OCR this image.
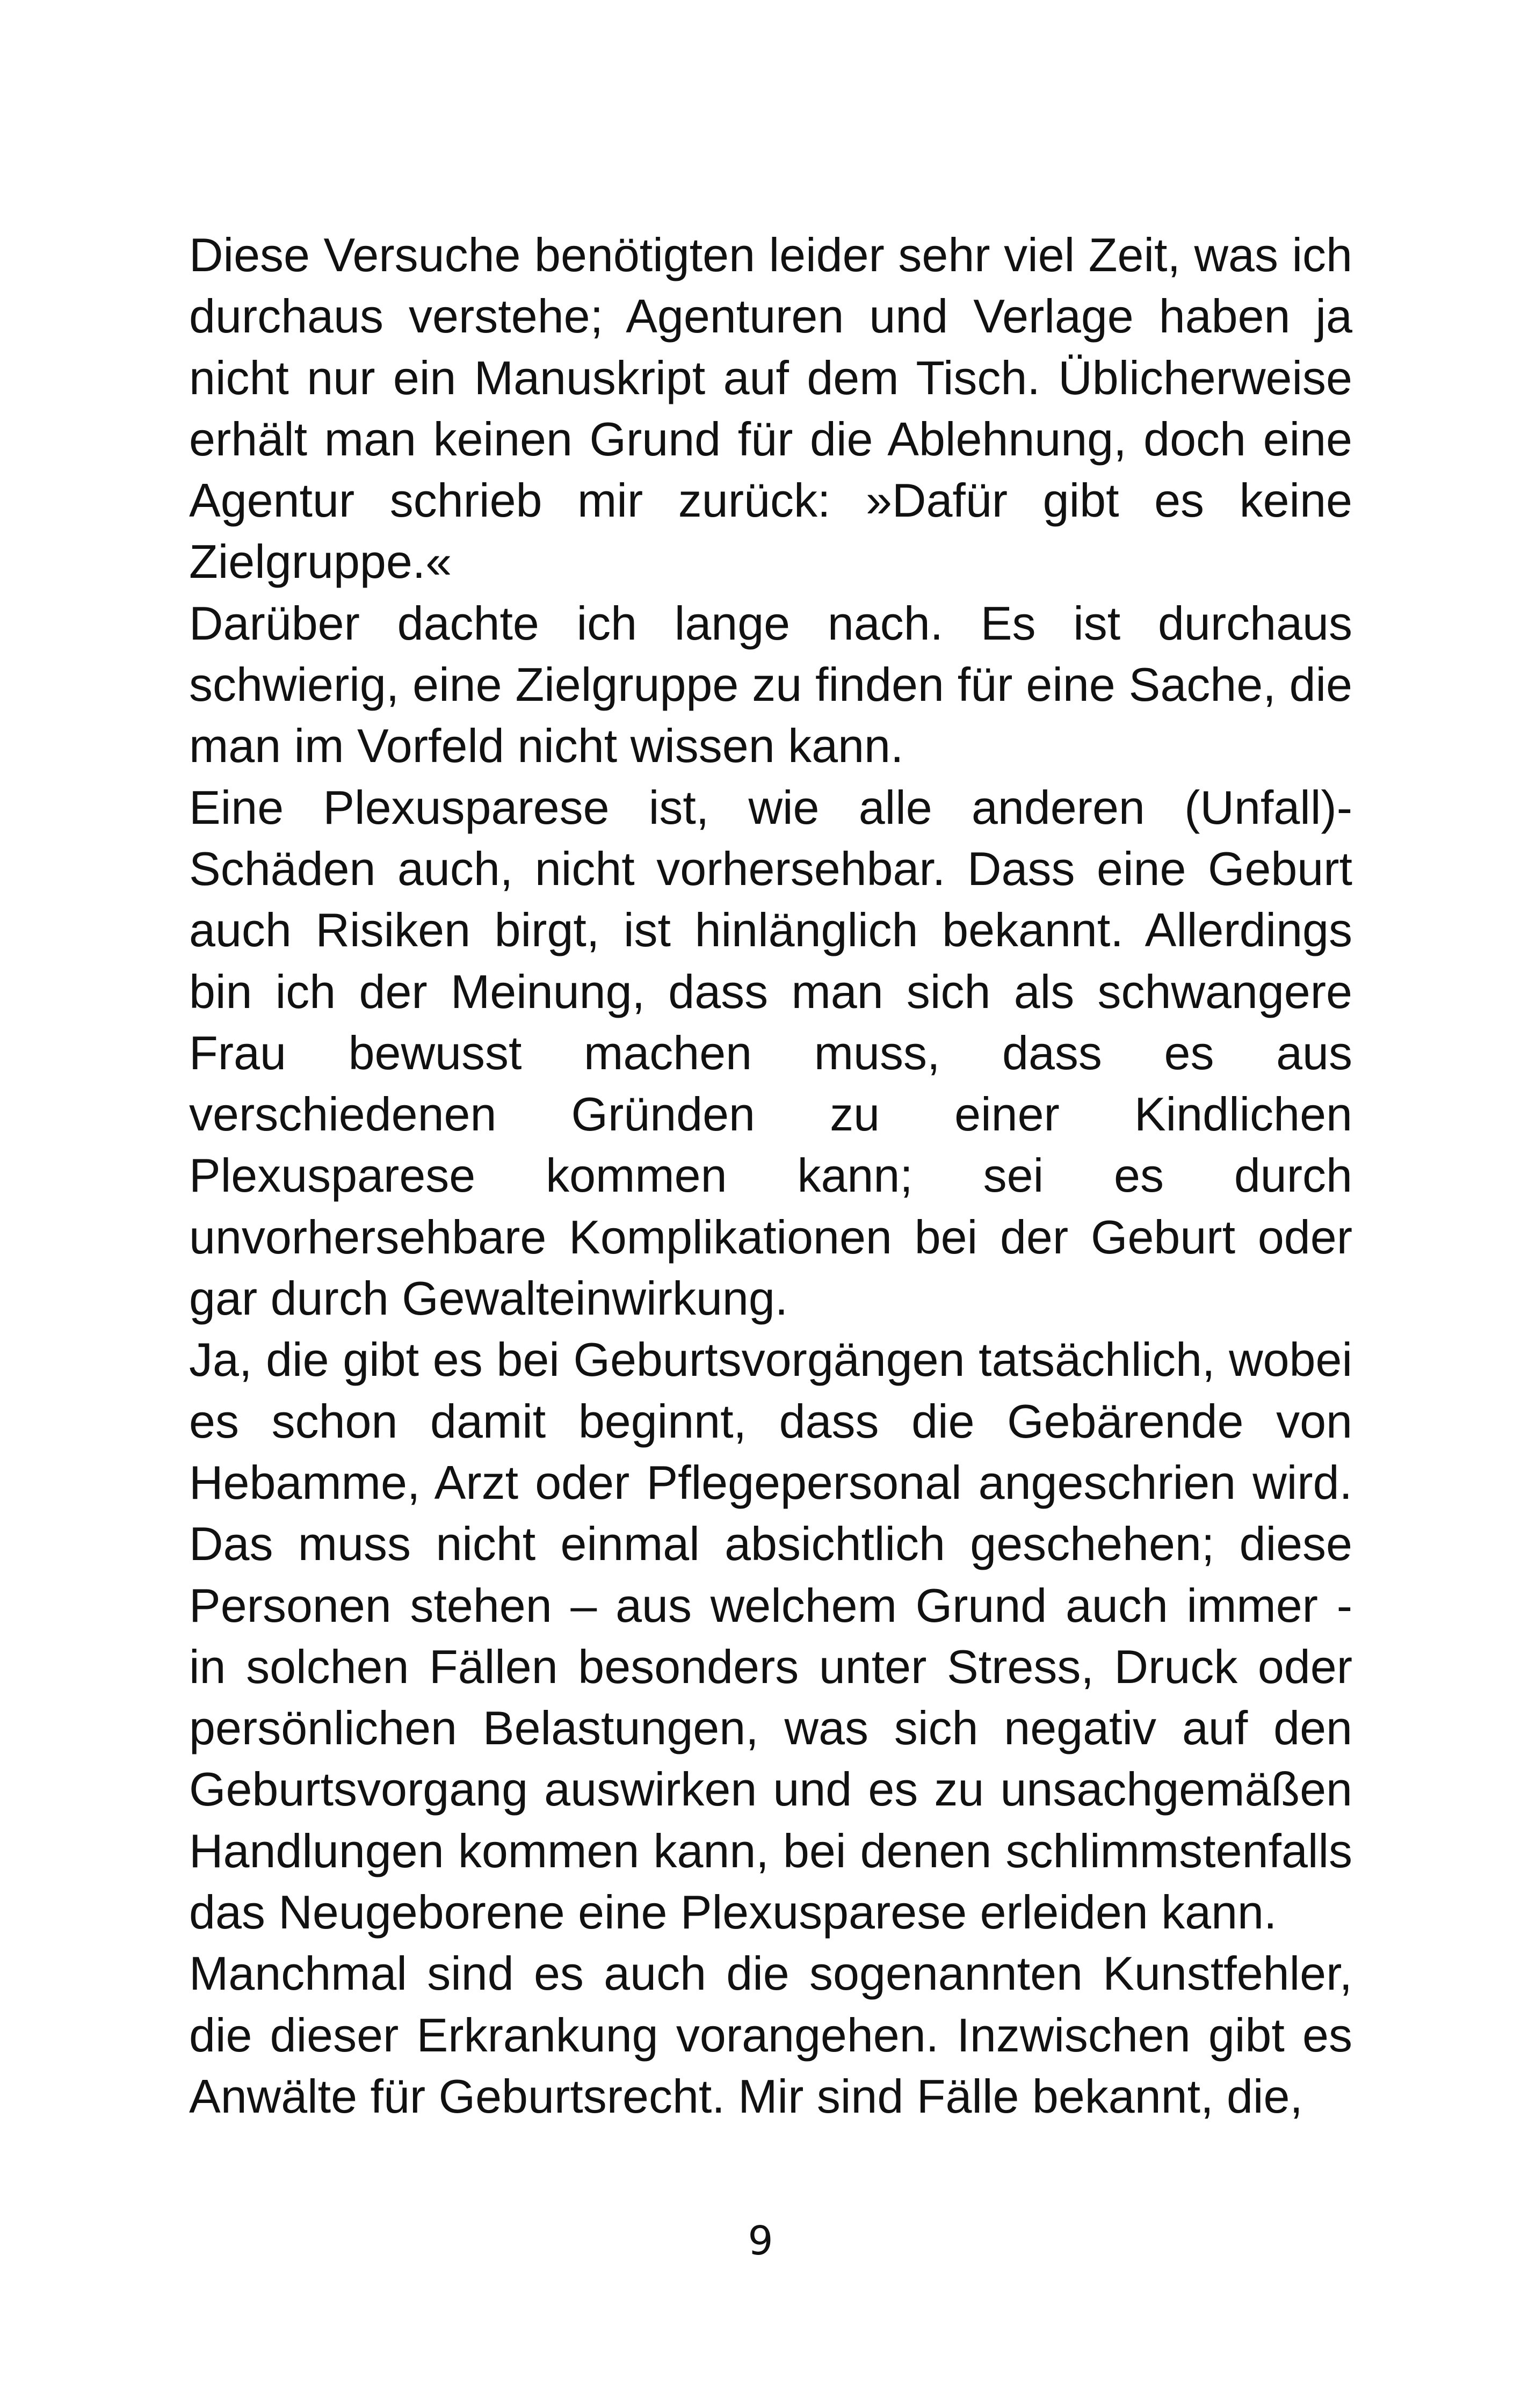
Diese Versuche benötigten leider sehr viel Zeit, was ich durchaus verstehe; Agenturen und Verlage haben ja nicht nur ein Manuskript auf dem Tisch. Üblicherweise erhält man keinen Grund für die Ablehnung, doch eine Agentur schrieb mir zurück: »Dafür gibt es keine Zielgruppe.«

Darüber dachte ich lange nach. Es ist durchaus schwierig, eine Zielgruppe zu finden für eine Sache, die man im Vorfeld nicht wissen kann.

Eine Plexusparese ist, wie alle anderen (Unfall)-Schäden auch, nicht vorhersehbar. Dass eine Geburt auch Risiken birgt, ist hinlänglich bekannt. Allerdings bin ich der Meinung, dass man sich als schwangere Frau bewusst machen muss, dass es aus verschiedenen Gründen zu einer Kindlichen Plexusparese kommen kann; sei es durch unvorhersehbare Komplikationen bei der Geburt oder gar durch Gewalteinwirkung.

Ja, die gibt es bei Geburtsvorgängen tatsächlich, wobei es schon damit beginnt, dass die Gebärende von Hebamme, Arzt oder Pflegepersonal angeschrien wird. Das muss nicht einmal absichtlich geschehen; diese Personen stehen – aus welchem Grund auch immer - in solchen Fällen besonders unter Stress, Druck oder persönlichen Belastungen, was sich negativ auf den Geburtsvorgang auswirken und es zu unsachgemäßen Handlungen kommen kann, bei denen schlimmstenfalls das Neugeborene eine Plexusparese erleiden kann.

Manchmal sind es auch die sogenannten Kunstfehler, die dieser Erkrankung vorangehen. Inzwischen gibt es Anwälte für Geburtsrecht. Mir sind Fälle bekannt, die,

9
